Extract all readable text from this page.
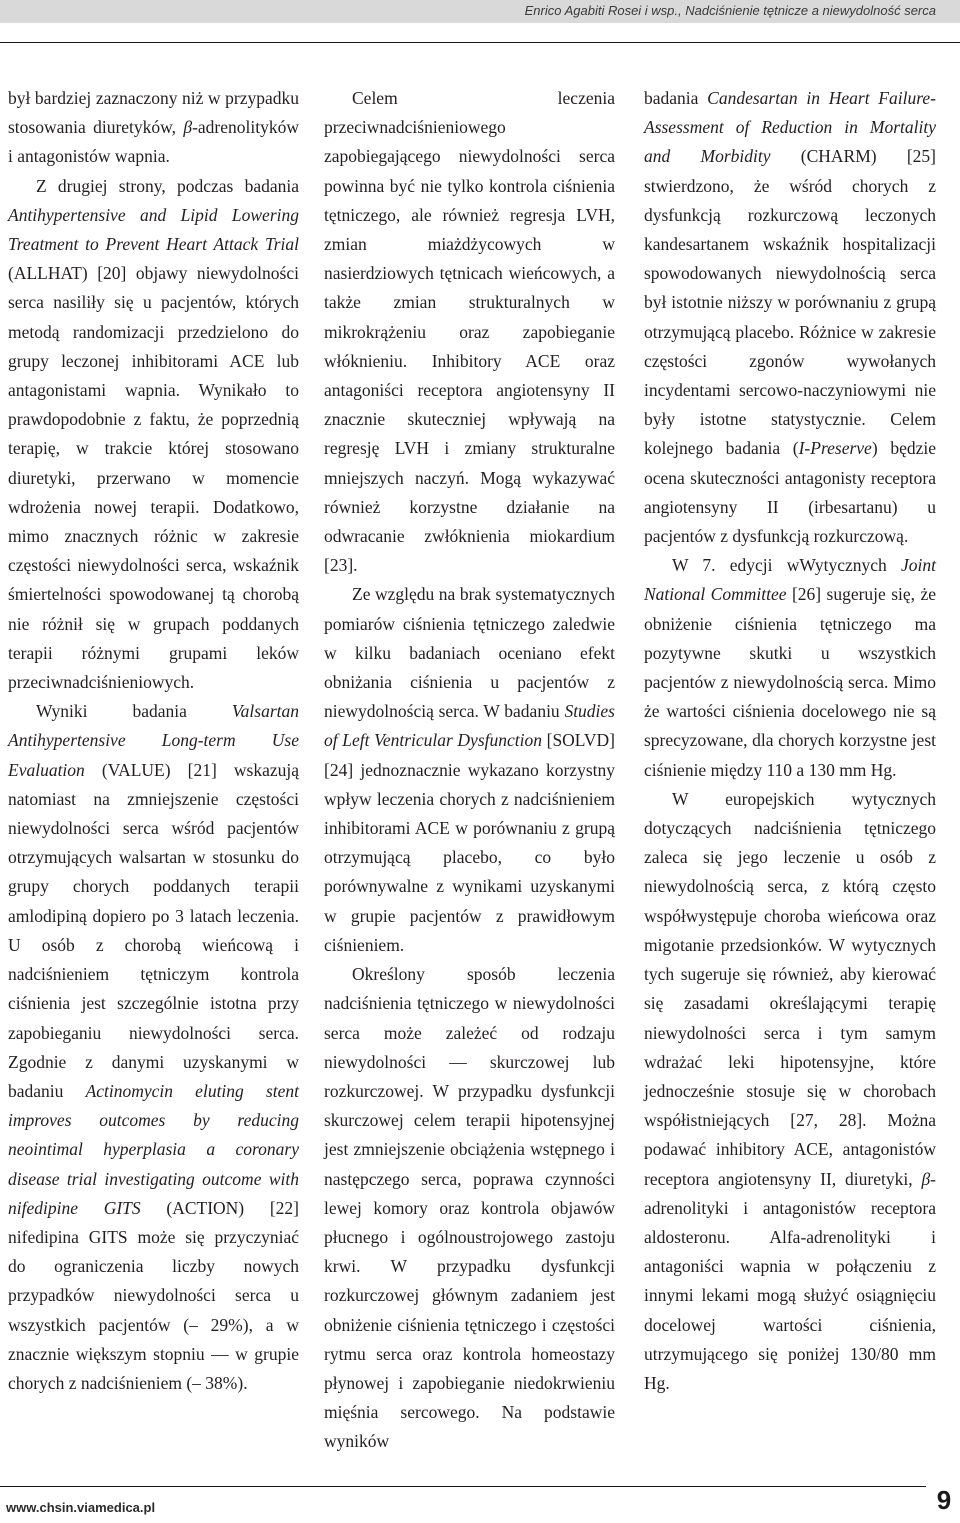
Enrico Agabiti Rosei i wsp., Nadciśnienie tętnicze a niewydolność serca

był bardziej zaznaczony niż w przypadku stosowania diuretyków, β-adrenolityków i antagonistów wapnia.

Z drugiej strony, podczas badania Antihypertensive and Lipid Lowering Treatment to Prevent Heart Attack Trial (ALLHAT) [20] objawy niewydolności serca nasiliły się u pacjentów, których metodą randomizacji przedzielono do grupy leczonej inhibitorami ACE lub antagonistami wapnia. Wynikało to prawdopodobnie z faktu, że poprzednią terapię, w trakcie której stosowano diuretyki, przerwano w momencie wdrożenia nowej terapii. Dodatkowo, mimo znacznych różnic w zakresie częstości niewydolności serca, wskaźnik śmiertelności spowodowanej tą chorobą nie różnił się w grupach poddanych terapii różnymi grupami leków przeciwnadciśnieniowych.

Wyniki badania Valsartan Antihypertensive Long-term Use Evaluation (VALUE) [21] wskazują natomiast na zmniejszenie częstości niewydolności serca wśród pacjentów otrzymujących walsartan w stosunku do grupy chorych poddanych terapii amlodipiną dopiero po 3 latach leczenia. U osób z chorobą wieńcową i nadciśnieniem tętniczym kontrola ciśnienia jest szczególnie istotna przy zapobieganiu niewydolności serca. Zgodnie z danymi uzyskanymi w badaniu Actinomycin eluting stent improves outcomes by reducing neointimal hyperplasia a coronary disease trial investigating outcome with nifedipine GITS (ACTION) [22] nifedipina GITS może się przyczyniać do ograniczenia liczby nowych przypadków niewydolności serca u wszystkich pacjentów (– 29%), a w znacznie większym stopniu — w grupie chorych z nadciśnieniem (– 38%).

Celem leczenia przeciwnadciśnieniowego zapobiegającego niewydolności serca powinna być nie tylko kontrola ciśnienia tętniczego, ale również regresja LVH, zmian miażdżycowych w nasierdziowych tętnicach wieńcowych, a także zmian strukturalnych w mikrokrążeniu oraz zapobieganie włóknieniu. Inhibitory ACE oraz antagoniści receptora angiotensyny II znacznie skuteczniej wpływają na regresję LVH i zmiany strukturalne mniejszych naczyń. Mogą wykazywać również korzystne działanie na odwracanie zwłóknienia miokardium [23].

Ze względu na brak systematycznych pomiarów ciśnienia tętniczego zaledwie w kilku badaniach oceniano efekt obniżania ciśnienia u pacjentów z niewydolnością serca. W badaniu Studies of Left Ventricular Dysfunction [SOLVD] [24] jednoznacznie wykazano korzystny wpływ leczenia chorych z nadciśnieniem inhibitorami ACE w porównaniu z grupą otrzymującą placebo, co było porównywalne z wynikami uzyskanymi w grupie pacjentów z prawidłowym ciśnieniem.

Określony sposób leczenia nadciśnienia tętniczego w niewydolności serca może zależeć od rodzaju niewydolności — skurczowej lub rozkurczowej. W przypadku dysfunkcji skurczowej celem terapii hipotensyjnej jest zmniejszenie obciążenia wstępnego i następczego serca, poprawa czynności lewej komory oraz kontrola objawów płucnego i ogólnoustrojowego zastoju krwi. W przypadku dysfunkcji rozkurczowej głównym zadaniem jest obniżenie ciśnienia tętniczego i częstości rytmu serca oraz kontrola homeostazy płynowej i zapobieganie niedokrwieniu mięśnia sercowego. Na podstawie wyników

badania Candesartan in Heart Failure-Assessment of Reduction in Mortality and Morbidity (CHARM) [25] stwierdzono, że wśród chorych z dysfunkcją rozkurczową leczonych kandesartanem wskaźnik hospitalizacji spowodowanych niewydolnością serca był istotnie niższy w porównaniu z grupą otrzymującą placebo. Różnice w zakresie częstości zgonów wywołanych incydentami sercowo-naczyniowymi nie były istotne statystycznie. Celem kolejnego badania (I-Preserve) będzie ocena skuteczności antagonisty receptora angiotensyny II (irbesartanu) u pacjentów z dysfunkcją rozkurczową.

W 7. edycji wWytycznych Joint National Committee [26] sugeruje się, że obniżenie ciśnienia tętniczego ma pozytywne skutki u wszystkich pacjentów z niewydolnością serca. Mimo że wartości ciśnienia docelowego nie są sprecyzowane, dla chorych korzystne jest ciśnienie między 110 a 130 mm Hg.

W europejskich wytycznych dotyczących nadciśnienia tętniczego zaleca się jego leczenie u osób z niewydolnością serca, z którą często współwystępuje choroba wieńcowa oraz migotanie przedsionków. W wytycznych tych sugeruje się również, aby kierować się zasadami określającymi terapię niewydolności serca i tym samym wdrażać leki hipotensyjne, które jednocześnie stosuje się w chorobach współistniejących [27, 28]. Można podawać inhibitory ACE, antagonistów receptora angiotensyny II, diuretyki, β-adrenolityki i antagonistów receptora aldosteronu. Alfa-adrenolityki i antagoniści wapnia w połączeniu z innymi lekami mogą służyć osiągnięciu docelowej wartości ciśnienia, utrzymującego się poniżej 130/80 mm Hg.

www.chsin.viamedica.pl	9
